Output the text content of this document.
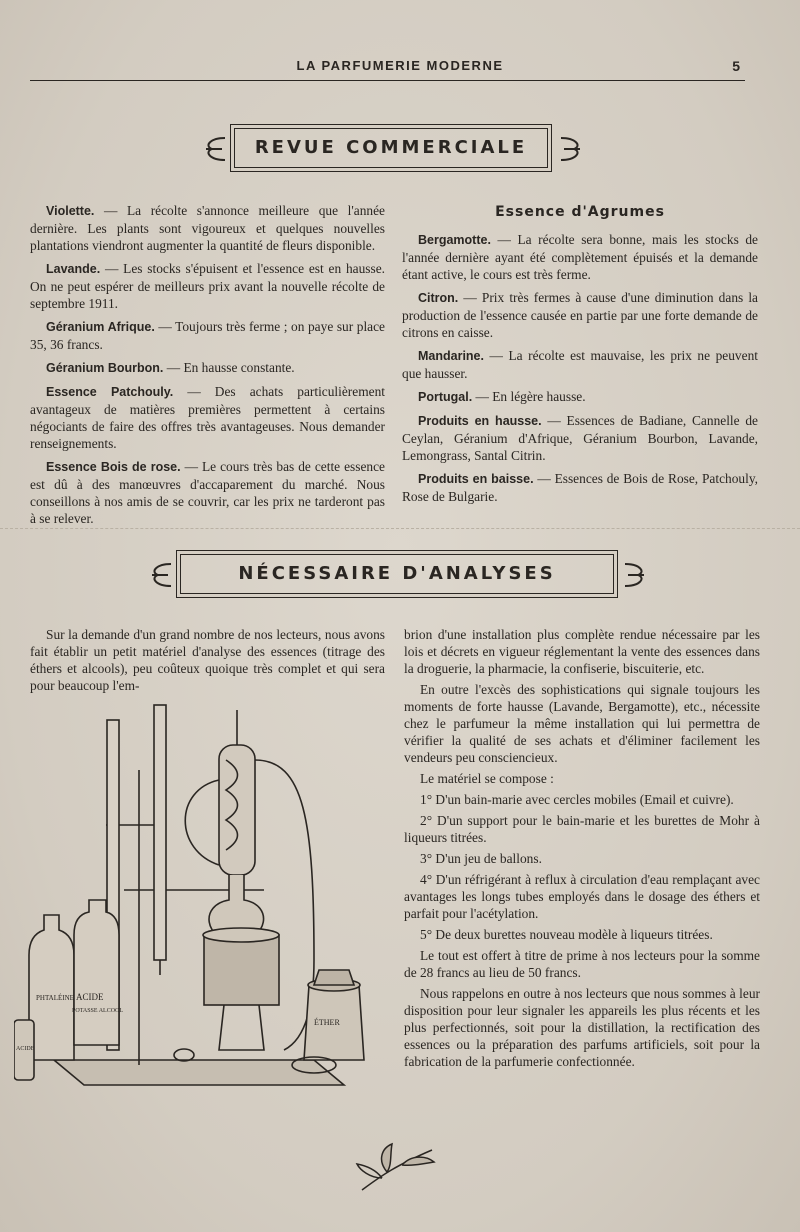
LA PARFUMERIE MODERNE	5
REVUE COMMERCIALE

Violette. — La récolte s'annonce meilleure que l'année dernière. Les plants sont vigoureux et quelques nouvelles plantations viendront augmenter la quantité de fleurs disponible.

Lavande. — Les stocks s'épuisent et l'essence est en hausse. On ne peut espérer de meilleurs prix avant la nouvelle récolte de septembre 1911.

Géranium Afrique. — Toujours très ferme ; on paye sur place 35, 36 francs.

Géranium Bourbon. — En hausse constante.

Essence Patchouly. — Des achats particulièrement avantageux de matières premières permettent à certains négociants de faire des offres très avantageuses. Nous demander renseignements.

Essence Bois de rose. — Le cours très bas de cette essence est dû à des manœuvres d'accaparement du marché. Nous conseillons à nos amis de se couvrir, car les prix ne tarderont pas à se relever.

Essence d'Agrumes

Bergamotte. — La récolte sera bonne, mais les stocks de l'année dernière ayant été complètement épuisés et la demande étant active, le cours est très ferme.

Citron. — Prix très fermes à cause d'une diminution dans la production de l'essence causée en partie par une forte demande de citrons en caisse.

Mandarine. — La récolte est mauvaise, les prix ne peuvent que hausser.

Portugal. — En légère hausse.

Produits en hausse. — Essences de Badiane, Cannelle de Ceylan, Géranium d'Afrique, Géranium Bourbon, Lavande, Lemongrass, Santal Citrin.

Produits en baisse. — Essences de Bois de Rose, Patchouly, Rose de Bulgarie.

NÉCESSAIRE D'ANALYSES

Sur la demande d'un grand nombre de nos lecteurs, nous avons fait établir un petit matériel d'analyse des essences (titrage des éthers et alcools), peu coûteux quoique très complet et qui sera pour beaucoup l'em-

ACIDE
POTASSE ALCOOL
PHTALÉINE
ACIDE
ÉTHER

brion d'une installation plus complète rendue nécessaire par les lois et décrets en vigueur réglementant la vente des essences dans la droguerie, la pharmacie, la confiserie, biscuiterie, etc.

En outre l'excès des sophistications qui signale toujours les moments de forte hausse (Lavande, Bergamotte), etc., nécessite chez le parfumeur la même installation qui lui permettra de vérifier la qualité de ses achats et d'éliminer facilement les vendeurs peu consciencieux.

Le matériel se compose :

1° D'un bain-marie avec cercles mobiles (Email et cuivre).

2° D'un support pour le bain-marie et les burettes de Mohr à liqueurs titrées.

3° D'un jeu de ballons.

4° D'un réfrigérant à reflux à circulation d'eau remplaçant avec avantages les longs tubes employés dans le dosage des éthers et parfait pour l'acétylation.

5° De deux burettes nouveau modèle à liqueurs titrées.

Le tout est offert à titre de prime à nos lecteurs pour la somme de 28 francs au lieu de 50 francs.

Nous rappelons en outre à nos lecteurs que nous sommes à leur disposition pour leur signaler les appareils les plus récents et les plus perfectionnés, soit pour la distillation, la rectification des essences ou la préparation des parfums artificiels, soit pour la fabrication de la parfumerie confectionnée.
